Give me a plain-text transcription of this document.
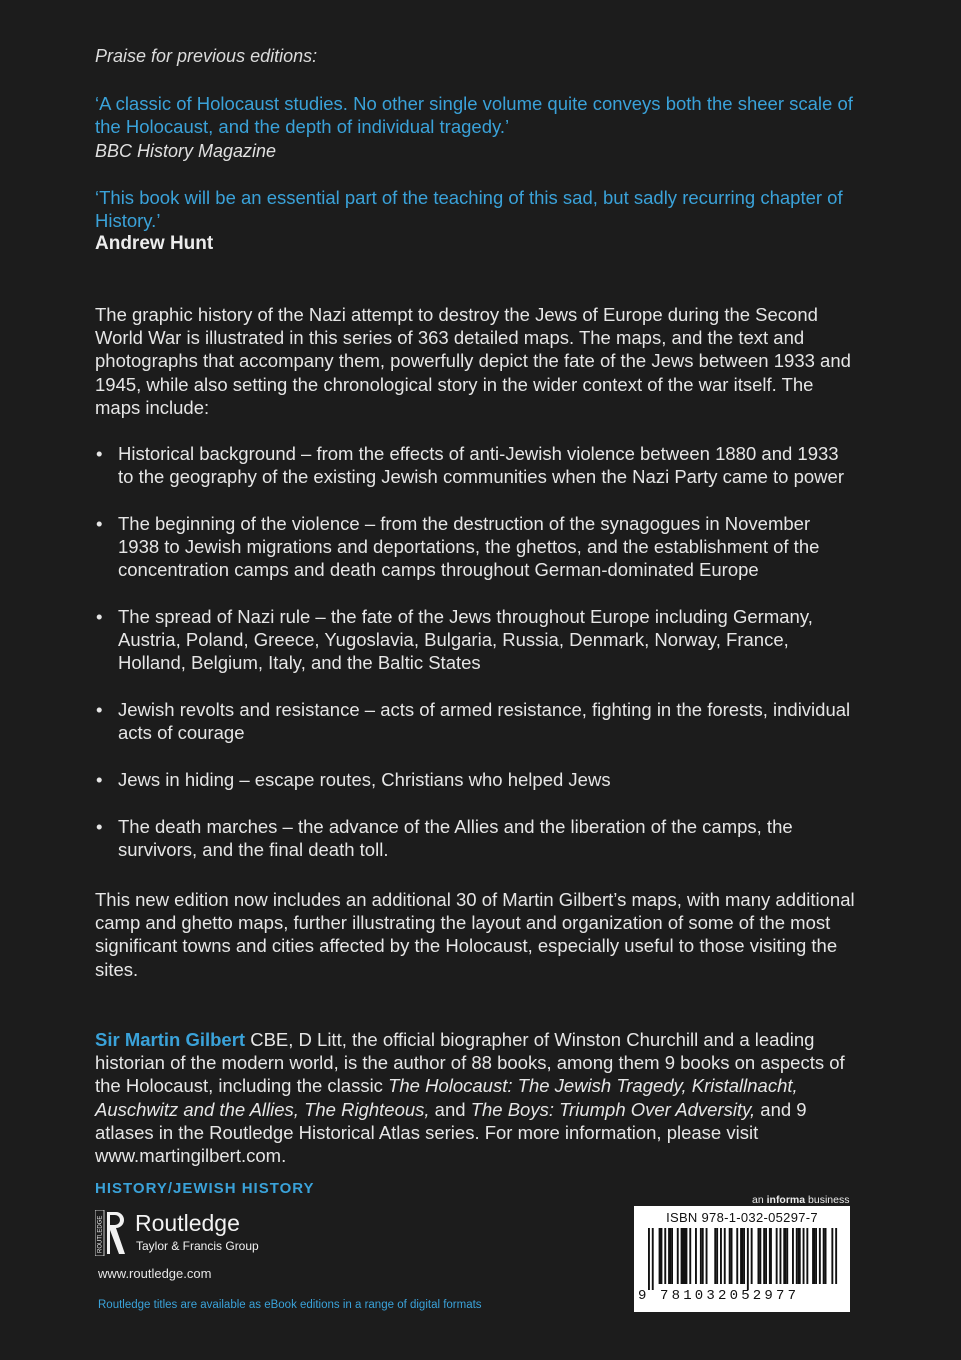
Praise for previous editions:
‘A classic of Holocaust studies. No other single volume quite conveys both the sheer scale of the Holocaust, and the depth of individual tragedy.’
BBC History Magazine
‘This book will be an essential part of the teaching of this sad, but sadly recurring chapter of History.’
Andrew Hunt
The graphic history of the Nazi attempt to destroy the Jews of Europe during the Second World War is illustrated in this series of 363 detailed maps. The maps, and the text and photographs that accompany them, powerfully depict the fate of the Jews between 1933 and 1945, while also setting the chronological story in the wider context of the war itself. The maps include:
• Historical background – from the effects of anti-Jewish violence between 1880 and 1933 to the geography of the existing Jewish communities when the Nazi Party came to power
• The beginning of the violence – from the destruction of the synagogues in November 1938 to Jewish migrations and deportations, the ghettos, and the establishment of the concentration camps and death camps throughout German-dominated Europe
• The spread of Nazi rule – the fate of the Jews throughout Europe including Germany, Austria, Poland, Greece, Yugoslavia, Bulgaria, Russia, Denmark, Norway, France, Holland, Belgium, Italy, and the Baltic States
• Jewish revolts and resistance – acts of armed resistance, fighting in the forests, individual acts of courage
• Jews in hiding – escape routes, Christians who helped Jews
• The death marches – the advance of the Allies and the liberation of the camps, the survivors, and the final death toll.
This new edition now includes an additional 30 of Martin Gilbert’s maps, with many additional camp and ghetto maps, further illustrating the layout and organization of some of the most significant towns and cities affected by the Holocaust, especially useful to those visiting the sites.
Sir Martin Gilbert CBE, D Litt, the official biographer of Winston Churchill and a leading historian of the modern world, is the author of 88 books, among them 9 books on aspects of the Holocaust, including the classic The Holocaust: The Jewish Tragedy, Kristallnacht, Auschwitz and the Allies, The Righteous, and The Boys: Triumph Over Adversity, and 9 atlases in the Routledge Historical Atlas series. For more information, please visit www.martingilbert.com.
HISTORY/JEWISH HISTORY
ROUTLEDGE Routledge
Taylor & Francis Group
www.routledge.com
Routledge titles are available as eBook editions in a range of digital formats
an informa business
ISBN 978-1-032-05297-7
9 781032052977
